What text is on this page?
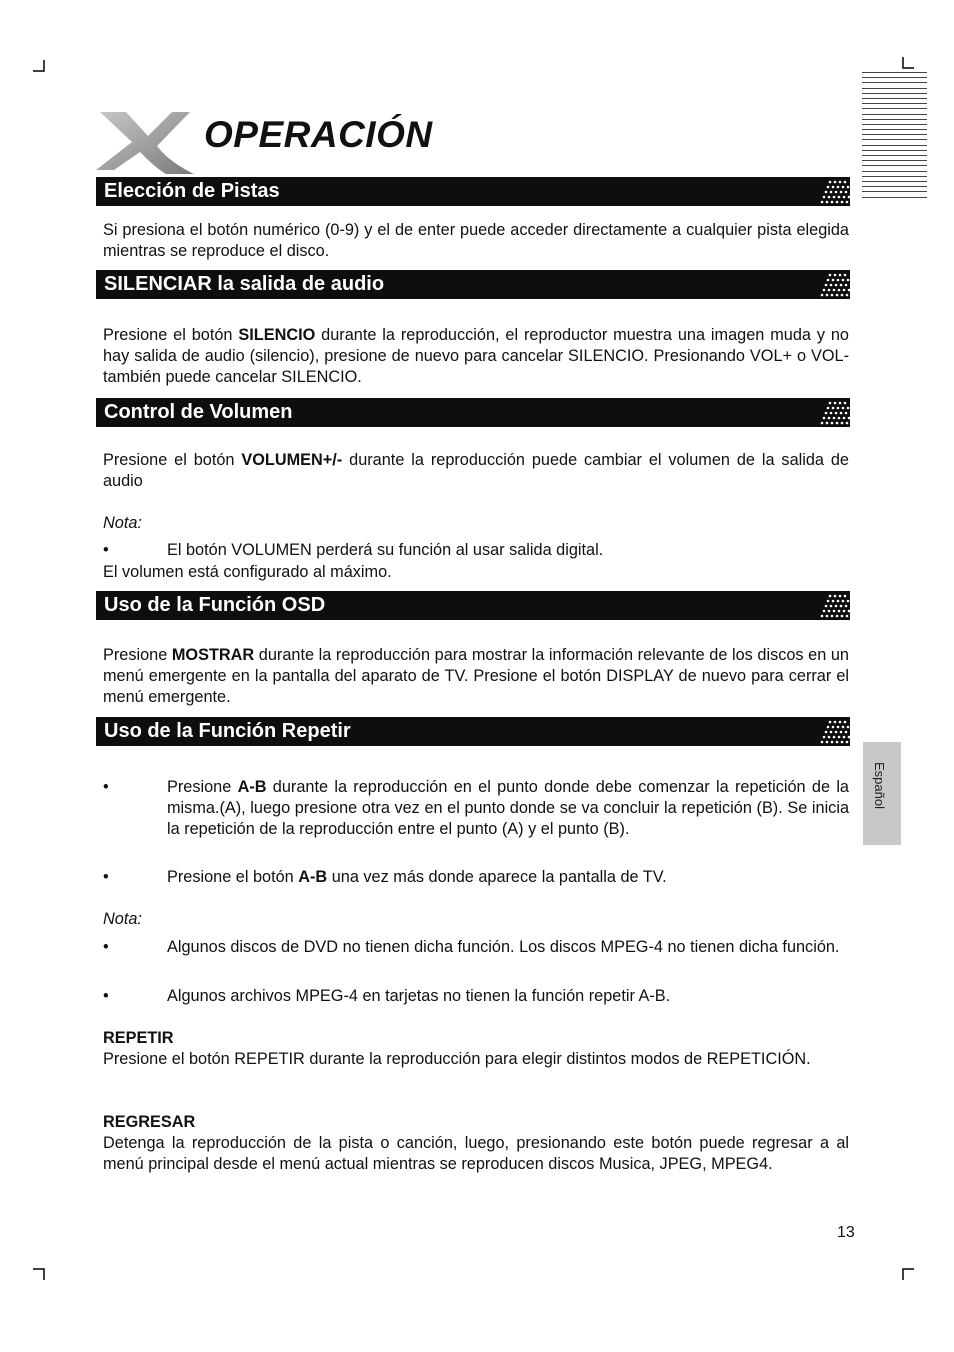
OPERACIÓN
Elección de Pistas
Si presiona el botón numérico (0-9) y el de enter puede acceder directamente a cualquier pista elegida mientras se reproduce el disco.
SILENCIAR la salida de audio
Presione el botón SILENCIO durante la reproducción, el reproductor muestra una imagen muda y no hay salida de audio (silencio), presione de nuevo para cancelar SILENCIO. Presionando VOL+ o VOL- también puede cancelar SILENCIO.
Control de Volumen
Presione el botón VOLUMEN+/- durante la reproducción puede cambiar el volumen de la salida de audio
Nota:
•	El botón VOLUMEN perderá su función al usar salida digital.
El volumen está configurado al máximo.
Uso de la Función OSD
Presione MOSTRAR durante la reproducción para mostrar la información relevante de los discos en un menú emergente en la pantalla del aparato de TV. Presione el botón DISPLAY de nuevo para cerrar el menú emergente.
Uso de la Función Repetir
•	Presione A-B durante la reproducción en el punto donde debe comenzar la repetición de la misma.(A), luego presione otra vez en el punto donde se va concluir la repetición (B). Se inicia la repetición de la reproducción entre el punto (A) y el punto (B).
•	Presione el botón A-B una vez más donde aparece la pantalla de TV.
Nota:
•	Algunos discos de DVD no tienen dicha función. Los discos MPEG-4 no tienen dicha función.
•	Algunos archivos MPEG-4 en tarjetas no tienen la función repetir A-B.
REPETIR
Presione el botón REPETIR durante la reproducción para elegir distintos modos de REPETICIÓN.
REGRESAR
Detenga la reproducción de la pista o canción, luego, presionando este botón puede regresar a al menú principal desde el menú actual mientras se reproducen discos Musica, JPEG, MPEG4.
Español
13
